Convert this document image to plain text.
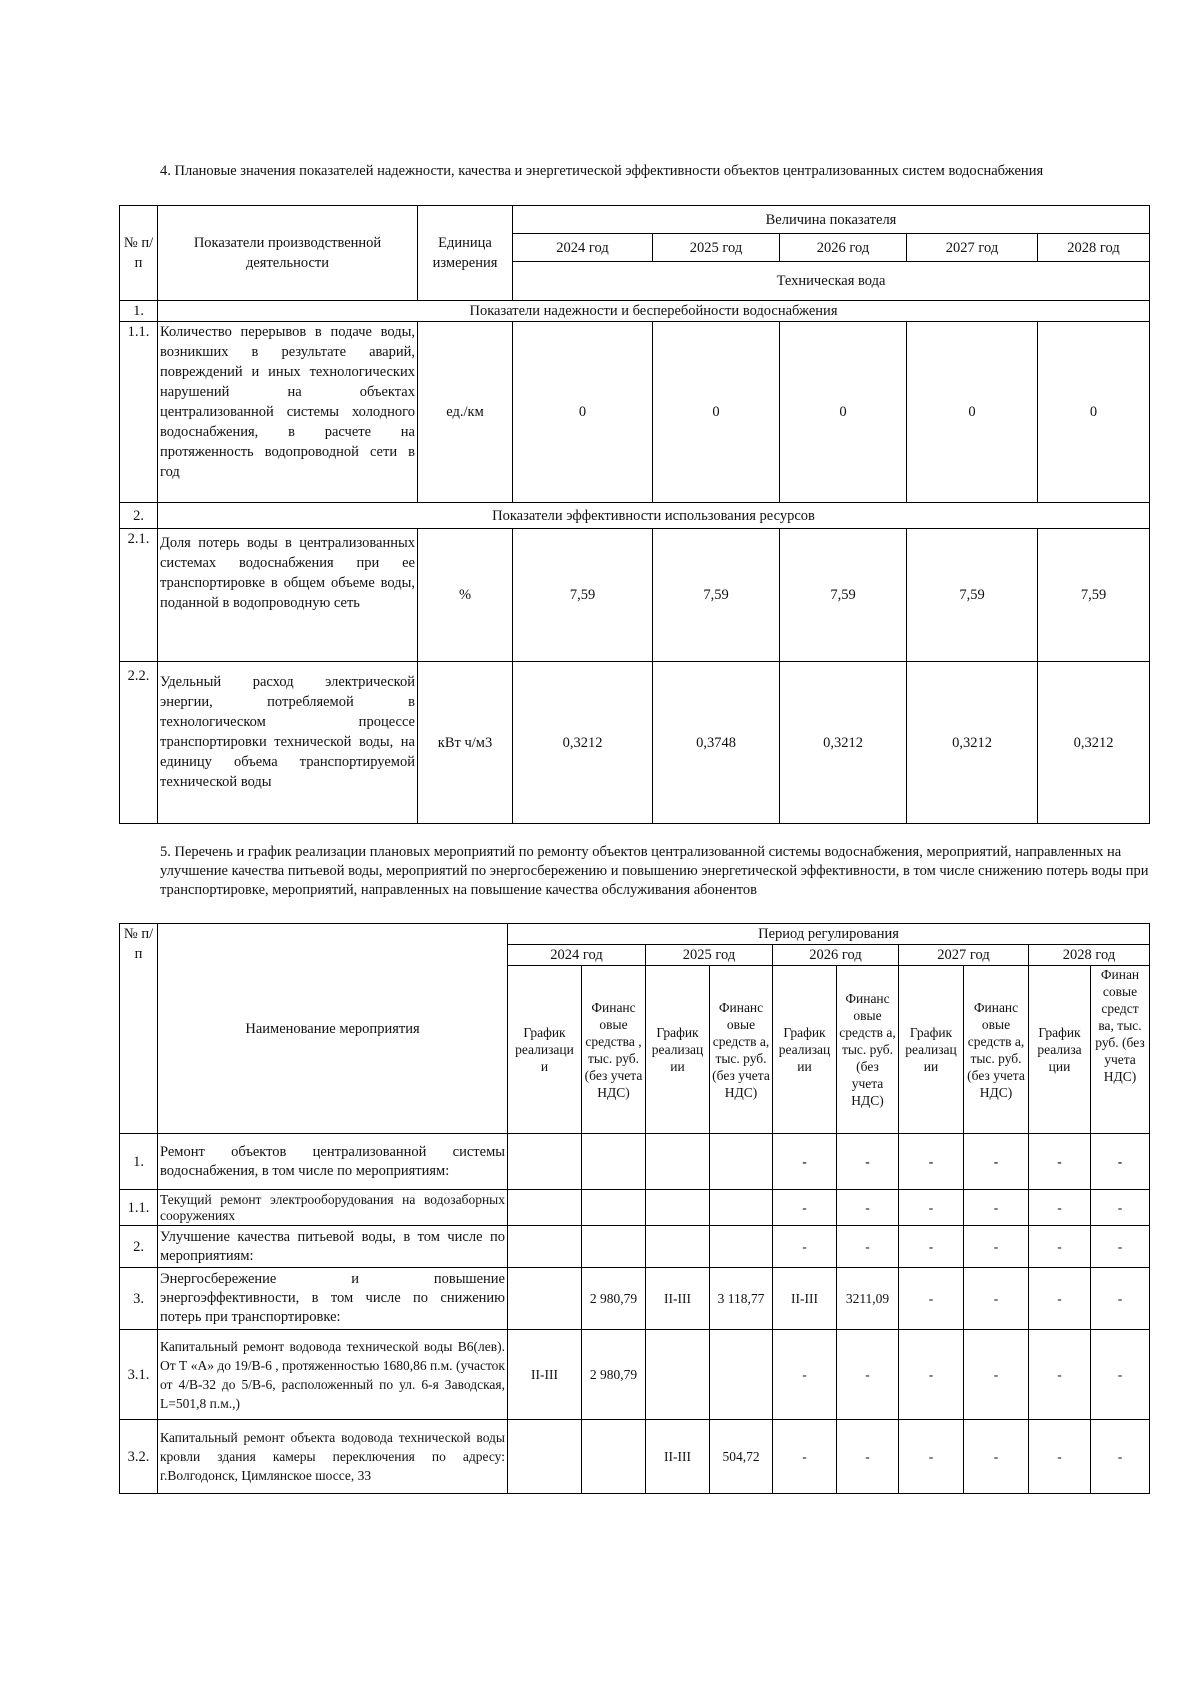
4. Плановые значения показателей надежности, качества и энергетической эффективности объектов централизованных систем водоснабжения
№ п/п	Показатели производственной деятельности	Единица измерения	Величина показателя				
			2024 год	2025 год	2026 год	2027 год	2028 год
			Техническая вода				
1.	Показатели надежности и бесперебойности водоснабжения						
1.1.	Количество перерывов в подаче воды, возникших в результате аварий, повреждений и иных технологических нарушений на объектах централизованной системы холодного водоснабжения, в расчете на протяженность водопроводной сети в год	ед./км	0	0	0	0	0
2.	Показатели эффективности использования ресурсов						
2.1.	Доля потерь воды в централизованных системах водоснабжения при ее транспортировке в общем объеме воды, поданной в водопроводную сеть	%	7,59	7,59	7,59	7,59	7,59
2.2.	Удельный расход электрической энергии, потребляемой в технологическом процессе транспортировки технической воды, на единицу объема транспортируемой технической воды	кВт ч/м3	0,3212	0,3748	0,3212	0,3212	0,3212
5. Перечень и график реализации плановых мероприятий по ремонту объектов централизованной системы водоснабжения, мероприятий, направленных на улучшение качества питьевой воды, мероприятий по энергосбережению и повышению энергетической эффективности, в том числе снижению потерь воды при транспортировке, мероприятий, направленных на повышение качества обслуживания абонентов
№ п/п	Наименование мероприятия	Период регулирования									
		2024 год		2025 год		2026 год		2027 год		2028 год	
		График реализаци и	Финанс овые средства , тыс. руб. (без учета НДС)	График реализац ии	Финанс овые средств а, тыс. руб. (без учета НДС)	График реализац ии	Финанс овые средств а, тыс. руб. (без учета НДС)	График реализац ии	Финанс овые средств а, тыс. руб. (без учета НДС)	График реализа ции	Финан совые средст ва, тыс. руб. (без учета НДС)

1.	Ремонт объектов централизованной системы водоснабжения, в том числе по мероприятиям:					-	-	-	-	-	-
1.1.	Текущий ремонт электрооборудования на водозаборных сооружениях					-	-	-	-	-	-
2.	Улучшение качества питьевой воды, в том числе по мероприятиям:					-	-	-	-	-	-
3.	Энергосбережение и повышение энергоэффективности, в том числе по снижению потерь при транспортировке:		2 980,79	II-III	3 118,77	II-III	3211,09	-	-	-	-
3.1.	Капитальный ремонт водовода технической воды В6(лев). От Т «А» до 19/В-6 , протяженностью 1680,86 п.м. (участок от 4/В-32 до 5/В-6, расположенный по ул. 6-я Заводская, L=501,8 п.м.,)	II-III	2 980,79			-	-	-	-	-	-
3.2.	Капитальный ремонт объекта водовода технической воды кровли здания камеры переключения по адресу: г.Волгодонск, Цимлянское шоссе, 33			II-III	504,72	-	-	-	-	-	-
